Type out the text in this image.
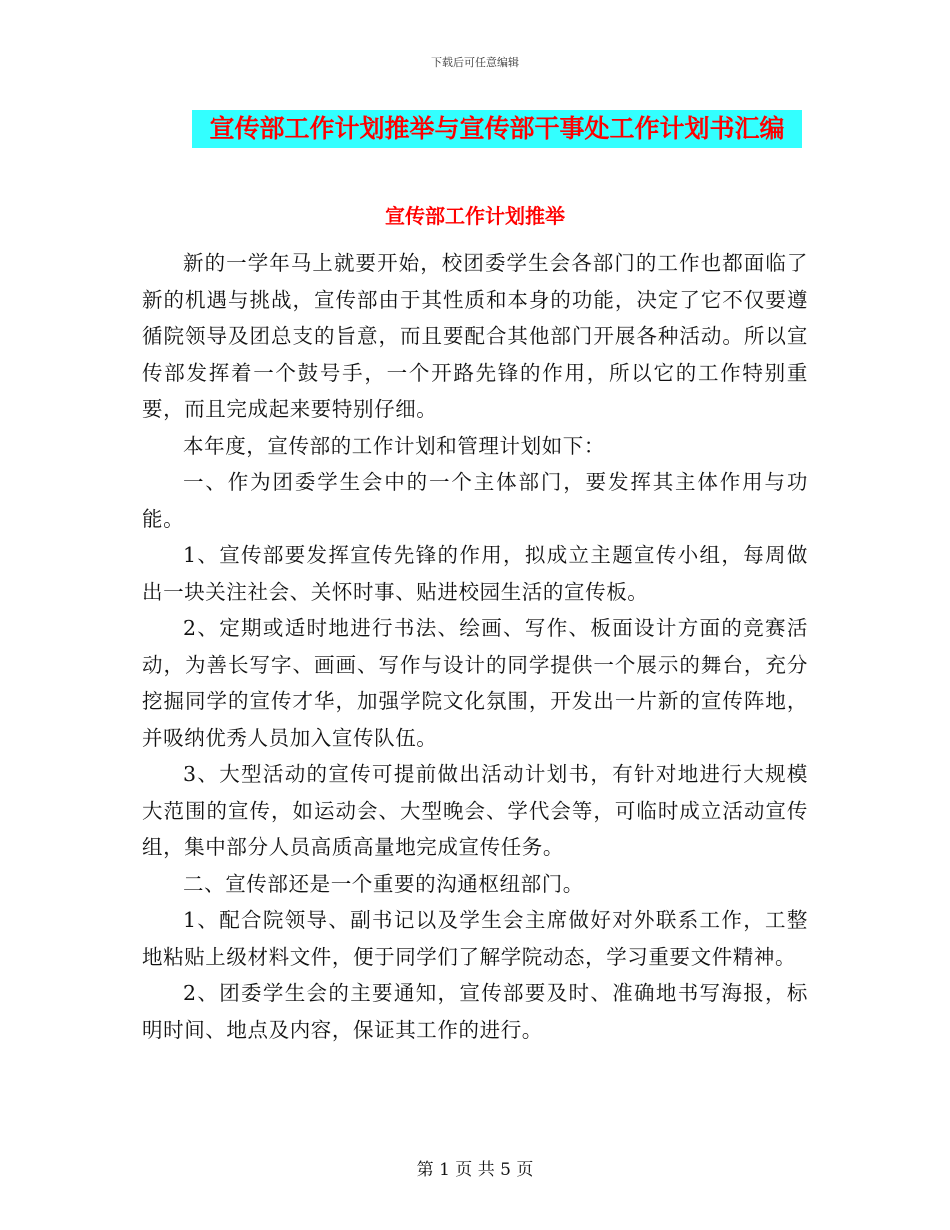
下载后可任意编辑
宣传部工作计划推举与宣传部干事处工作计划书汇编
宣传部工作计划推举

新的一学年马上就要开始，校团委学生会各部门的工作也都面临了新的机遇与挑战，宣传部由于其性质和本身的功能，决定了它不仅要遵循院领导及团总支的旨意，而且要配合其他部门开展各种活动。所以宣传部发挥着一个鼓号手，一个开路先锋的作用，所以它的工作特别重要，而且完成起来要特别仔细。

本年度，宣传部的工作计划和管理计划如下：

一、作为团委学生会中的一个主体部门，要发挥其主体作用与功能。

1、宣传部要发挥宣传先锋的作用，拟成立主题宣传小组，每周做出一块关注社会、关怀时事、贴进校园生活的宣传板。

2、定期或适时地进行书法、绘画、写作、板面设计方面的竞赛活动，为善长写字、画画、写作与设计的同学提供一个展示的舞台，充分挖掘同学的宣传才华，加强学院文化氛围，开发出一片新的宣传阵地，并吸纳优秀人员加入宣传队伍。

3、大型活动的宣传可提前做出活动计划书，有针对地进行大规模大范围的宣传，如运动会、大型晚会、学代会等，可临时成立活动宣传组，集中部分人员高质高量地完成宣传任务。

二、宣传部还是一个重要的沟通枢纽部门。

1、配合院领导、副书记以及学生会主席做好对外联系工作，工整地粘贴上级材料文件，便于同学们了解学院动态，学习重要文件精神。

2、团委学生会的主要通知，宣传部要及时、准确地书写海报，标明时间、地点及内容，保证其工作的进行。

第 1 页 共 5 页
